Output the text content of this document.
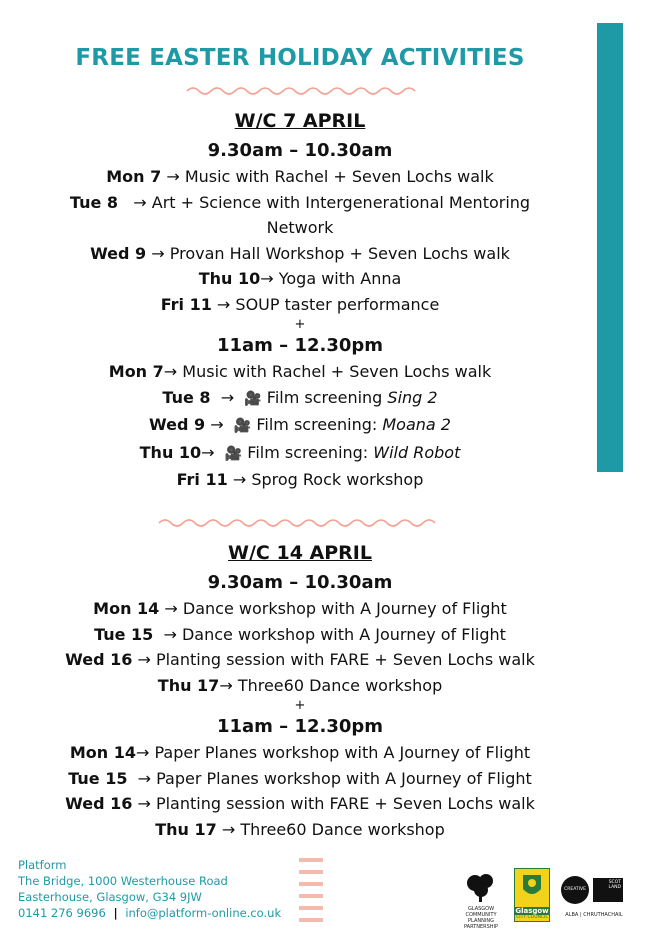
FREE EASTER HOLIDAY ACTIVITIES
W/C 7 APRIL
9.30am – 10.30am
Mon 7 → Music with Rachel + Seven Lochs walk
Tue 8   → Art + Science with Intergenerational Mentoring Network
Wed 9 → Provan Hall Workshop + Seven Lochs walk
Thu 10→ Yoga with Anna
Fri 11 → SOUP taster performance
+
11am – 12.30pm
Mon 7→ Music with Rachel + Seven Lochs walk
Tue 8  →  🎥 Film screening Sing 2
Wed 9 →  🎥 Film screening: Moana 2
Thu 10→  🎥 Film screening: Wild Robot
Fri 11 → Sprog Rock workshop
W/C 14 APRIL
9.30am – 10.30am
Mon 14 → Dance workshop with A Journey of Flight
Tue 15  → Dance workshop with A Journey of Flight
Wed 16 → Planting session with FARE + Seven Lochs walk
Thu 17→ Three60 Dance workshop
+
11am – 12.30pm
Mon 14→ Paper Planes workshop with A Journey of Flight
Tue 15  → Paper Planes workshop with A Journey of Flight
Wed 16 → Planting session with FARE + Seven Lochs walk
Thu 17 → Three60 Dance workshop
Platform
The Bridge, 1000 Westerhouse Road
Easterhouse, Glasgow, G34 9JW
0141 276 9696 | info@platform-online.co.uk	GLASGOW COMMUNITY PLANNING PARTNERSHIP
Glasgow
CITY COUNCIL
CREATIVE
SCOT LAND
ALBA | CHRUTHACHAIL
